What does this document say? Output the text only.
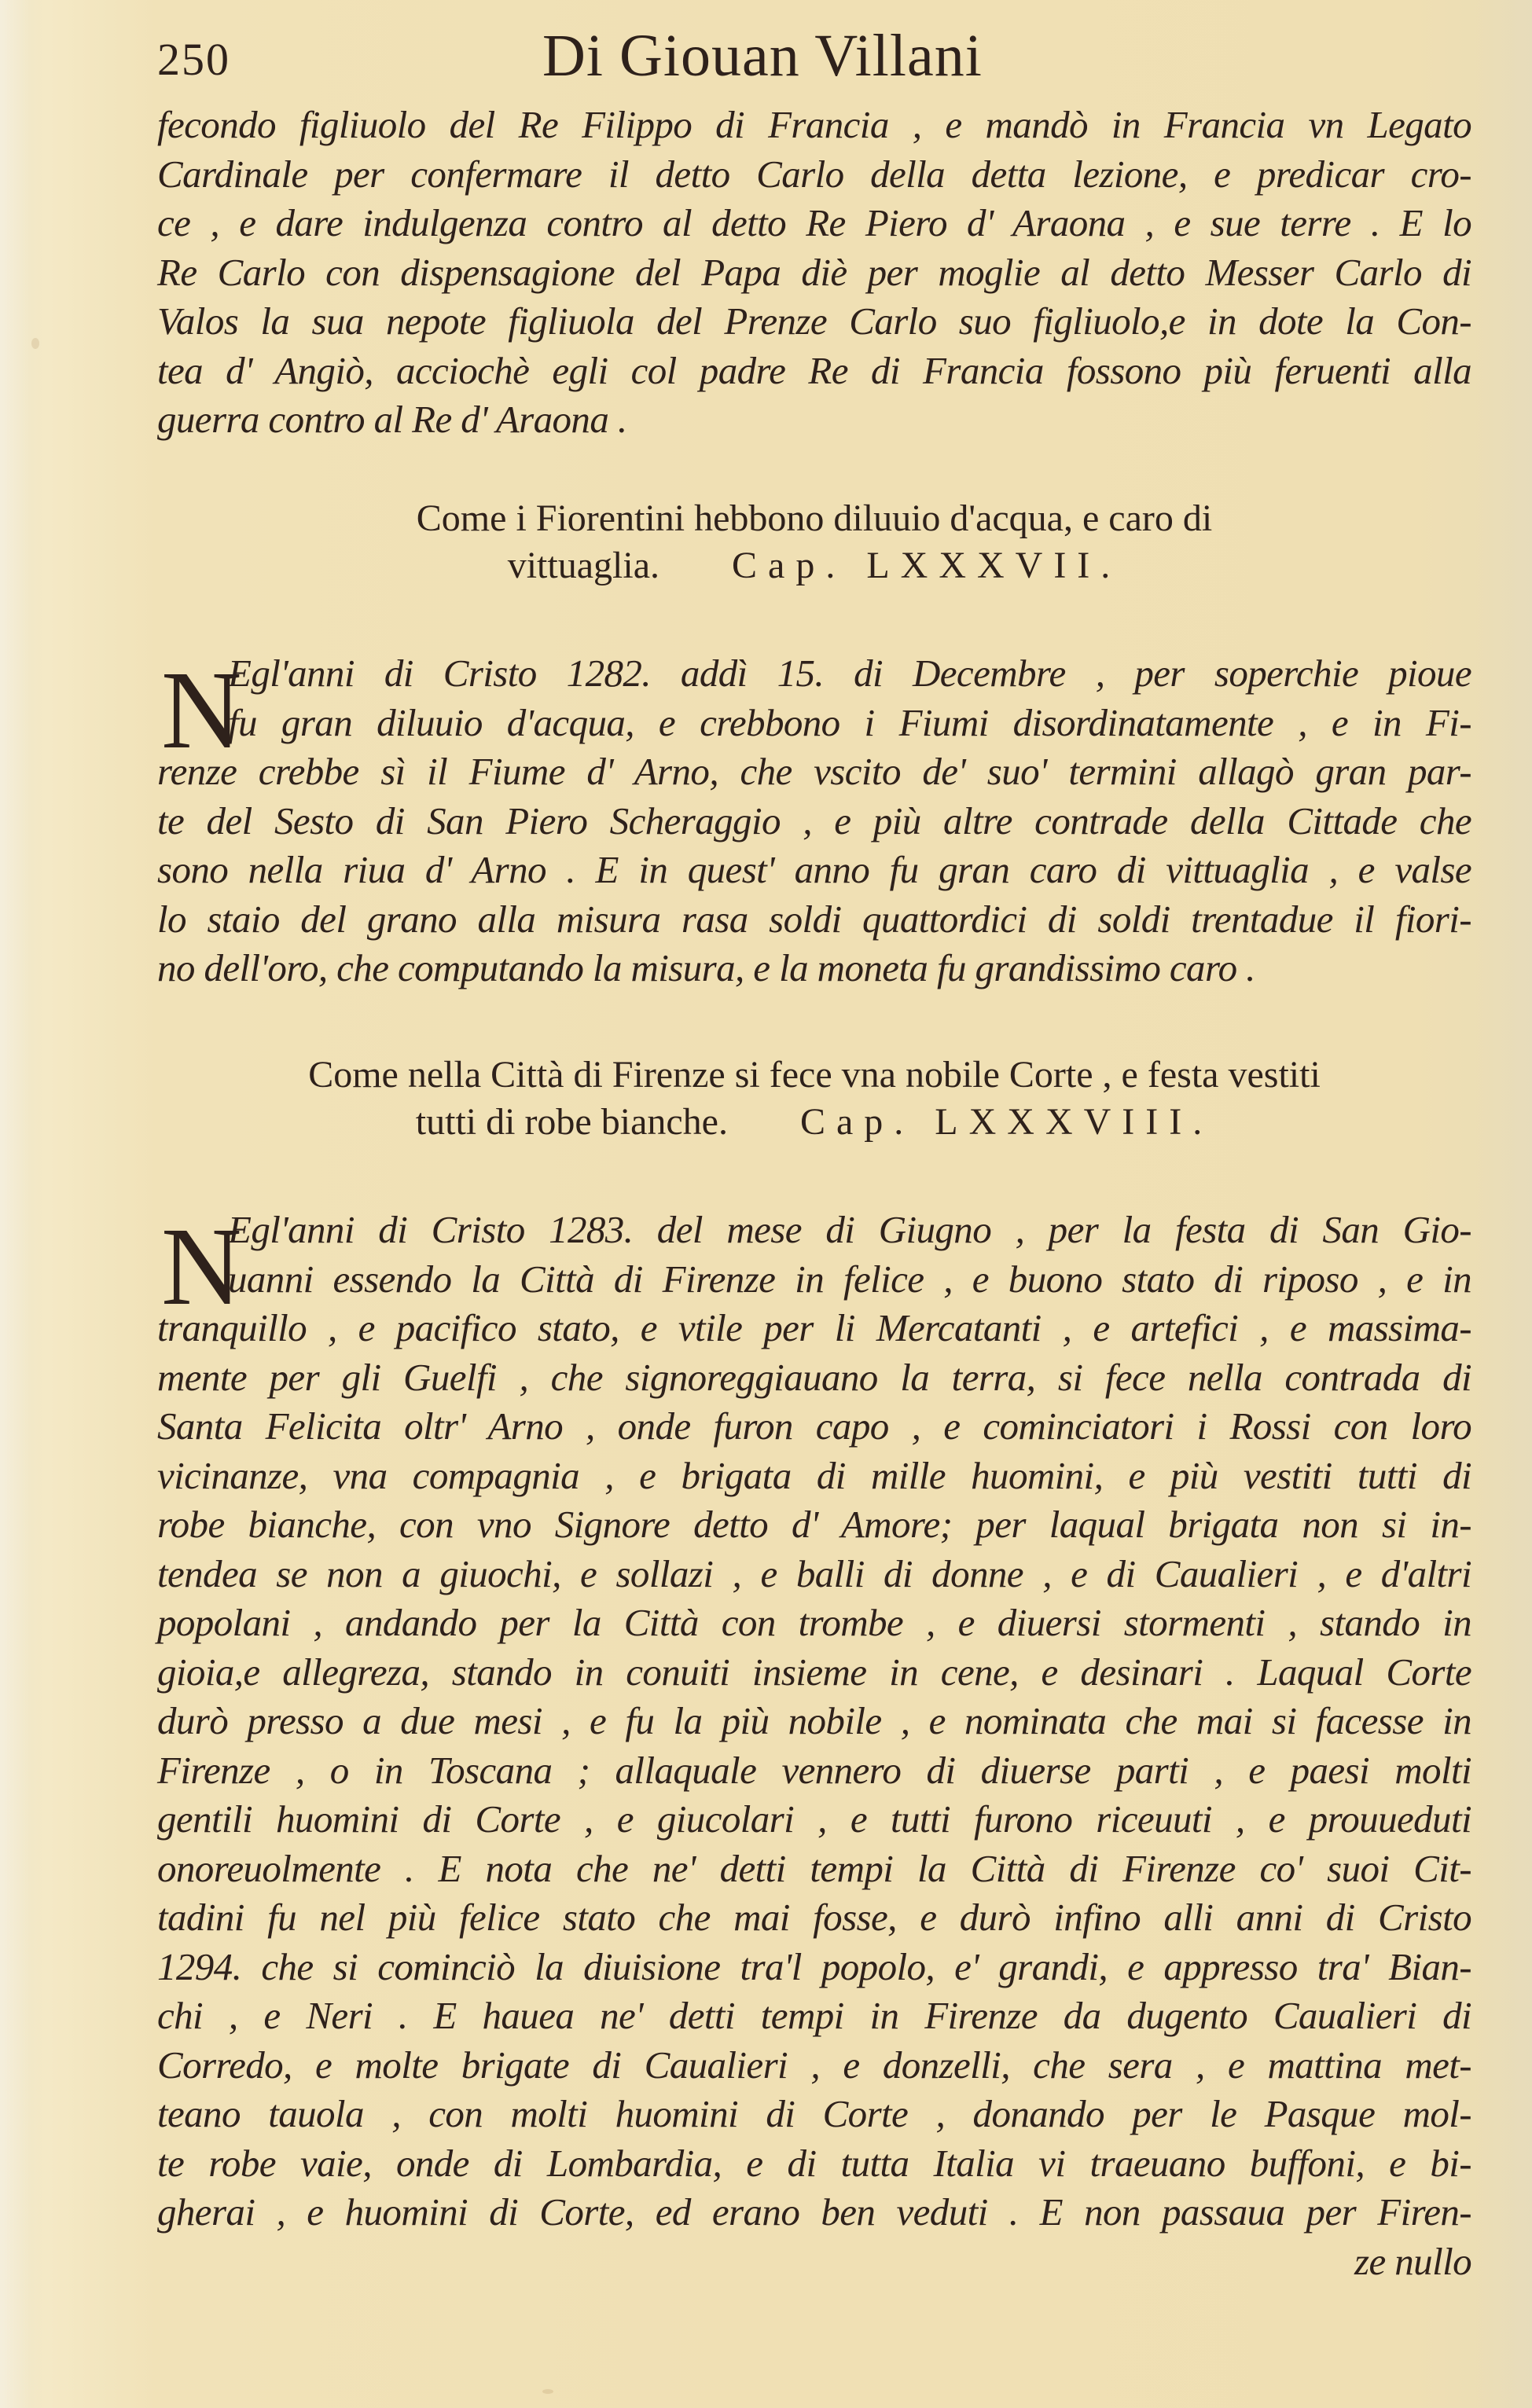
250	Di Giouan Villani
fecondo figliuolo del Re Filippo di Francia , e mandò in Francia vn Legato
Cardinale per confermare il detto Carlo della detta lezione, e predicar cro-
ce , e dare indulgenza contro al detto Re Piero d' Araona , e sue terre . E lo
Re Carlo con dispensagione del Papa diè per moglie al detto Messer Carlo di
Valos la sua nepote figliuola del Prenze Carlo suo figliuolo,e in dote la Con-
tea d' Angiò, acciochè egli col padre Re di Francia fossono più feruenti alla
guerra contro al Re d' Araona .
Come i Fiorentini hebbono diluuio d'acqua, e caro di
vittuaglia. Cap. LXXXVII.
N
Egl'anni di Cristo 1282. addì 15. di Decembre , per soperchie pioue
fu gran diluuio d'acqua, e crebbono i Fiumi disordinatamente , e in Fi-
renze crebbe sì il Fiume d' Arno, che vscito de' suo' termini allagò gran par-
te del Sesto di San Piero Scheraggio , e più altre contrade della Cittade che
sono nella riua d' Arno . E in quest' anno fu gran caro di vittuaglia , e valse
lo staio del grano alla misura rasa soldi quattordici di soldi trentadue il fiori-
no dell'oro, che computando la misura, e la moneta fu grandissimo caro .
Come nella Città di Firenze si fece vna nobile Corte , e festa vestiti
tutti di robe bianche. Cap. LXXXVIII.
N
Egl'anni di Cristo 1283. del mese di Giugno , per la festa di San Gio-
uanni essendo la Città di Firenze in felice , e buono stato di riposo , e in
tranquillo , e pacifico stato, e vtile per li Mercatanti , e artefici , e massima-
mente per gli Guelfi , che signoreggiauano la terra, si fece nella contrada di
Santa Felicita oltr' Arno , onde furon capo , e cominciatori i Rossi con loro
vicinanze, vna compagnia , e brigata di mille huomini, e più vestiti tutti di
robe bianche, con vno Signore detto d' Amore; per laqual brigata non si in-
tendea se non a giuochi, e sollazi , e balli di donne , e di Caualieri , e d'altri
popolani , andando per la Città con trombe , e diuersi stormenti , stando in
gioia,e allegreza, stando in conuiti insieme in cene, e desinari . Laqual Corte
durò presso a due mesi , e fu la più nobile , e nominata che mai si facesse in
Firenze , o in Toscana ; allaquale vennero di diuerse parti , e paesi molti
gentili huomini di Corte , e giucolari , e tutti furono riceuuti , e prouueduti
onoreuolmente . E nota che ne' detti tempi la Città di Firenze co' suoi Cit-
tadini fu nel più felice stato che mai fosse, e durò infino alli anni di Cristo
1294. che si cominciò la diuisione tra'l popolo, e' grandi, e appresso tra' Bian-
chi , e Neri . E hauea ne' detti tempi in Firenze da dugento Caualieri di
Corredo, e molte brigate di Caualieri , e donzelli, che sera , e mattina met-
teano tauola , con molti huomini di Corte , donando per le Pasque mol-
te robe vaie, onde di Lombardia, e di tutta Italia vi traeuano buffoni, e bi-
gherai , e huomini di Corte, ed erano ben veduti . E non passaua per Firen-
ze nullo
